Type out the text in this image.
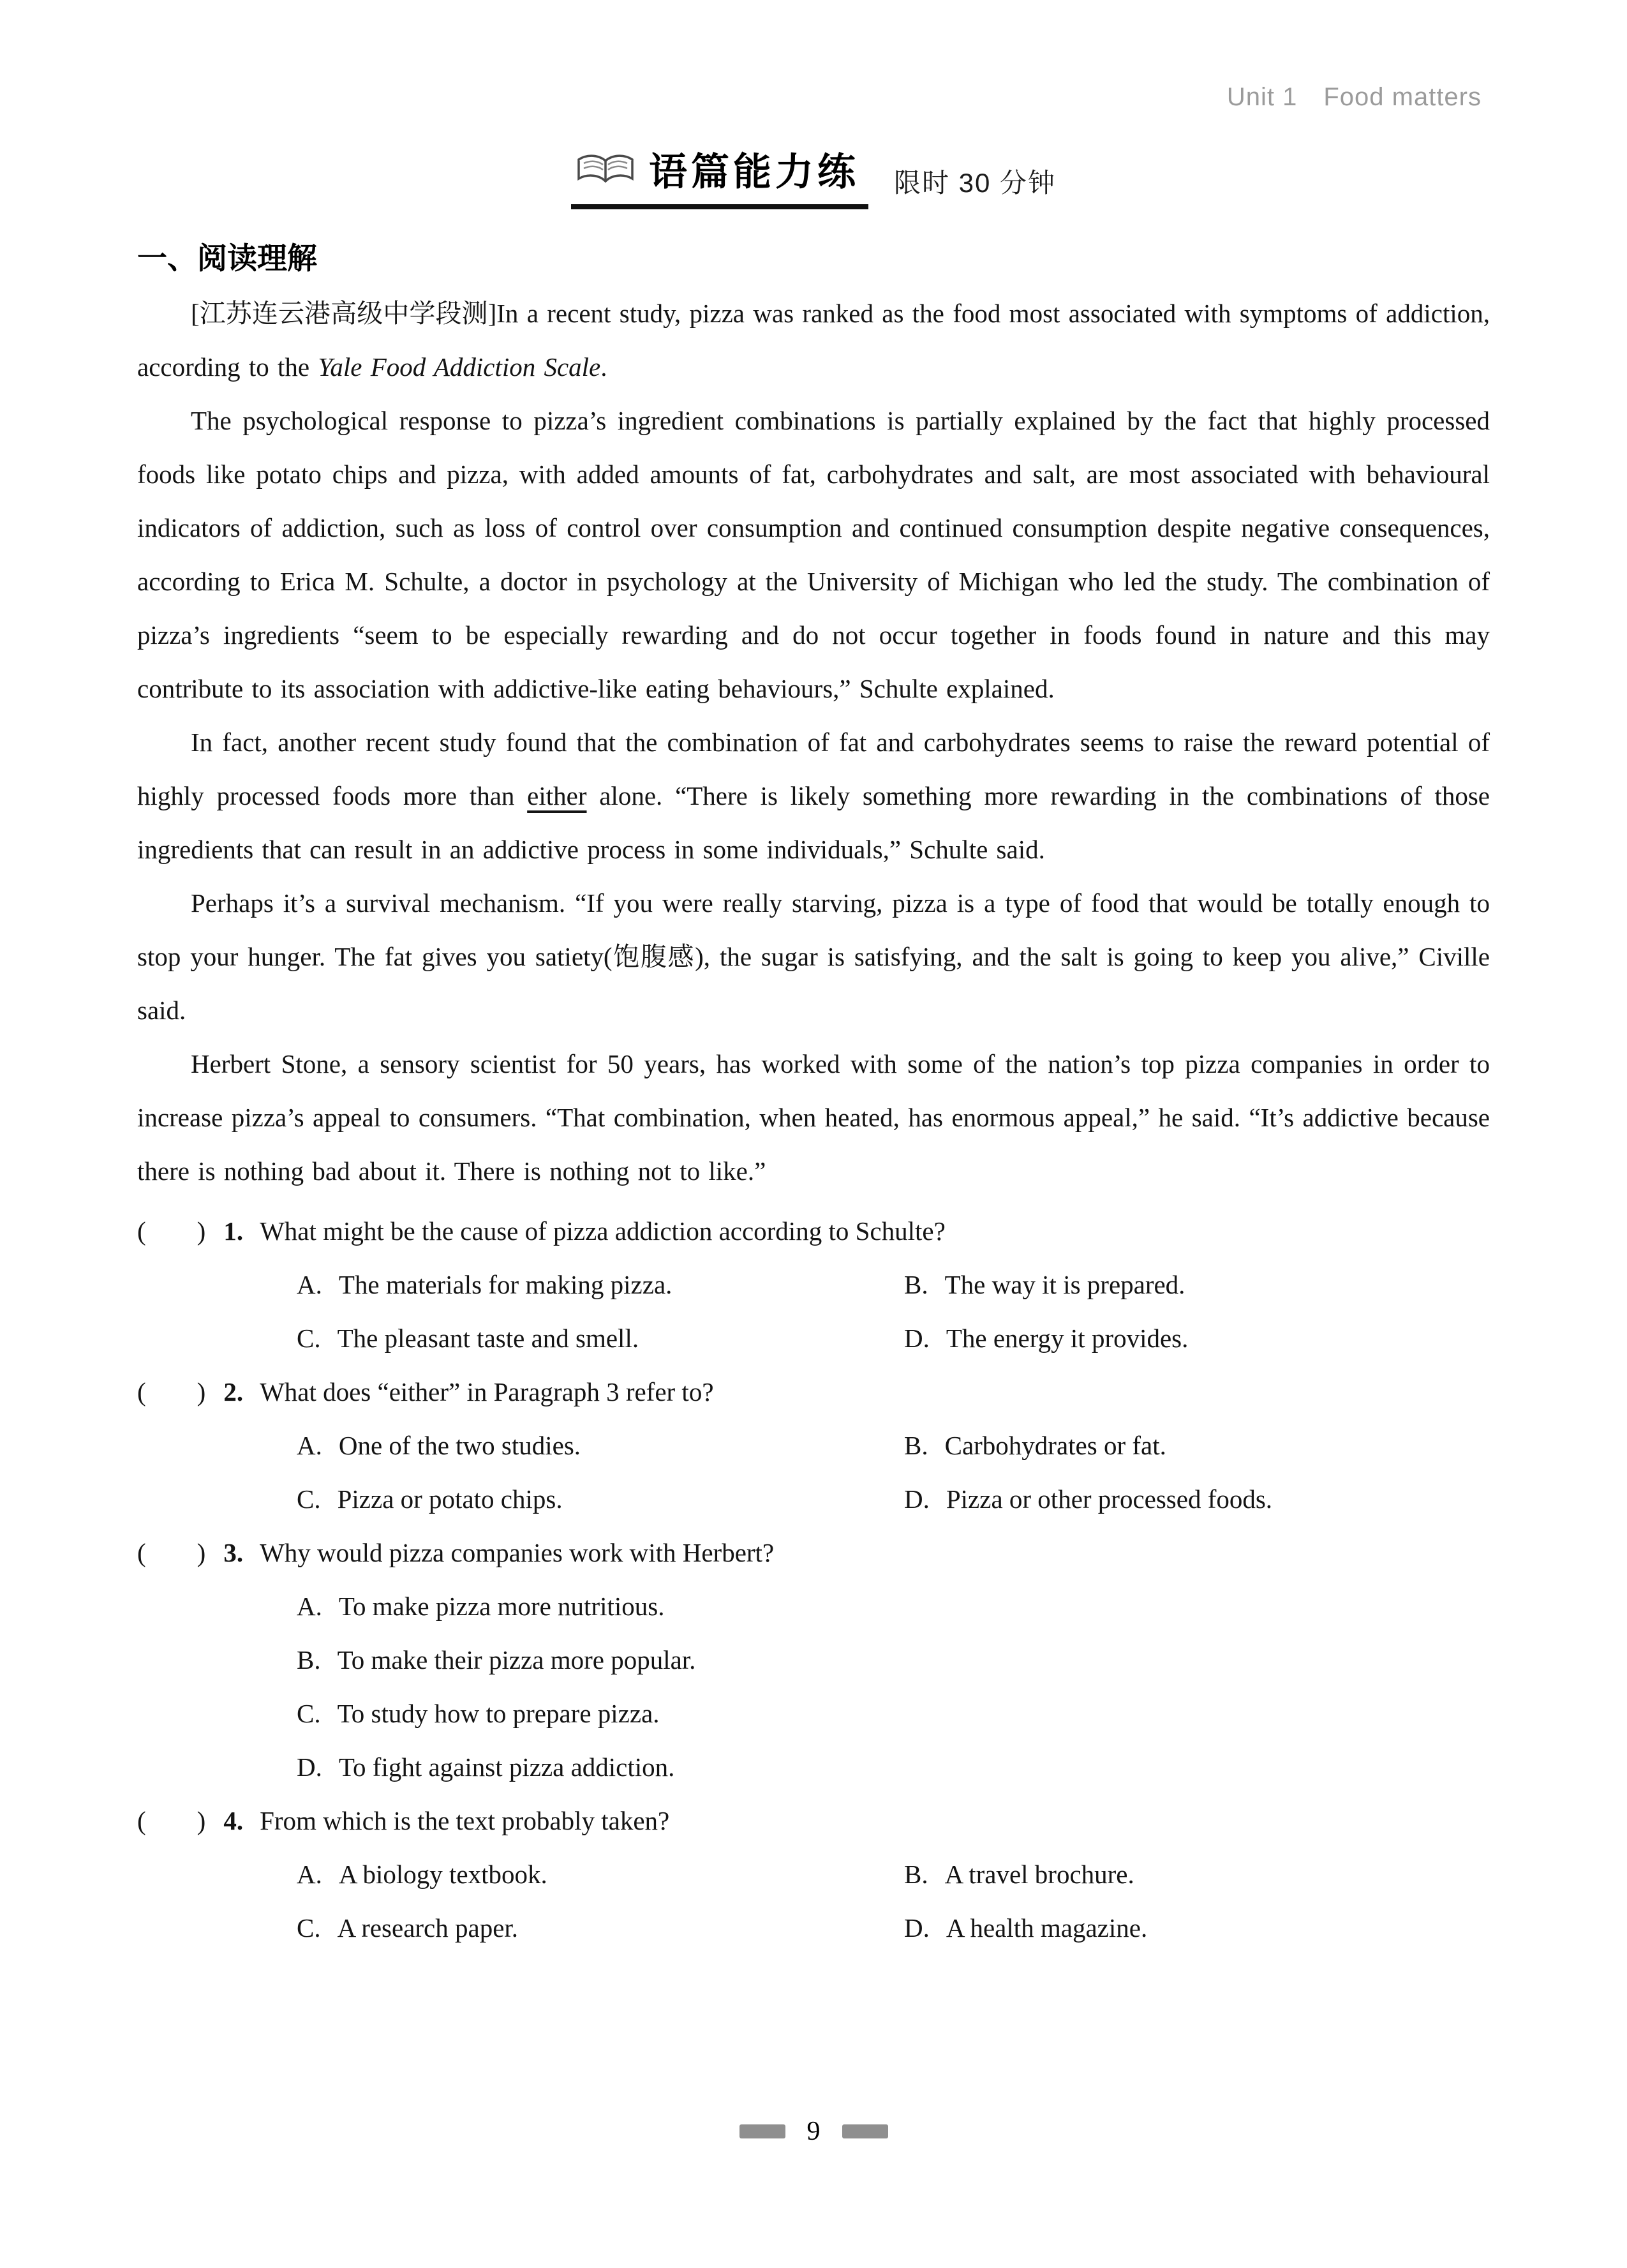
Unit 1　Food matters
语篇能力练 限时 30 分钟
一、阅读理解

[江苏连云港高级中学段测]In a recent study, pizza was ranked as the food most associated with symptoms of addiction, according to the Yale Food Addiction Scale.

The psychological response to pizza’s ingredient combinations is partially explained by the fact that highly processed foods like potato chips and pizza, with added amounts of fat, carbohydrates and salt, are most associated with behavioural indicators of addiction, such as loss of control over consumption and continued consumption despite negative consequences, according to Erica M. Schulte, a doctor in psychology at the University of Michigan who led the study. The combination of pizza’s ingredients “seem to be especially rewarding and do not occur together in foods found in nature and this may contribute to its association with addictive-like eating behaviours,” Schulte explained.

In fact, another recent study found that the combination of fat and carbohydrates seems to raise the reward potential of highly processed foods more than either alone. “There is likely something more rewarding in the combinations of those ingredients that can result in an addictive process in some individuals,” Schulte said.

Perhaps it’s a survival mechanism. “If you were really starving, pizza is a type of food that would be totally enough to stop your hunger. The fat gives you satiety(饱腹感), the sugar is satisfying, and the salt is going to keep you alive,” Civille said.

Herbert Stone, a sensory scientist for 50 years, has worked with some of the nation’s top pizza companies in order to increase pizza’s appeal to consumers. “That combination, when heated, has enormous appeal,” he said. “It’s addictive because there is nothing bad about it. There is nothing not to like.”

( ) 1. What might be the cause of pizza addiction according to Schulte?
A. The materials for making pizza.	B. The way it is prepared.
C. The pleasant taste and smell.	D. The energy it provides.
( ) 2. What does “either” in Paragraph 3 refer to?
A. One of the two studies.	B. Carbohydrates or fat.
C. Pizza or potato chips.	D. Pizza or other processed foods.
( ) 3. Why would pizza companies work with Herbert?
A. To make pizza more nutritious.
B. To make their pizza more popular.
C. To study how to prepare pizza.
D. To fight against pizza addiction.
( ) 4. From which is the text probably taken?
A. A biology textbook.	B. A travel brochure.
C. A research paper.	D. A health magazine.
9
